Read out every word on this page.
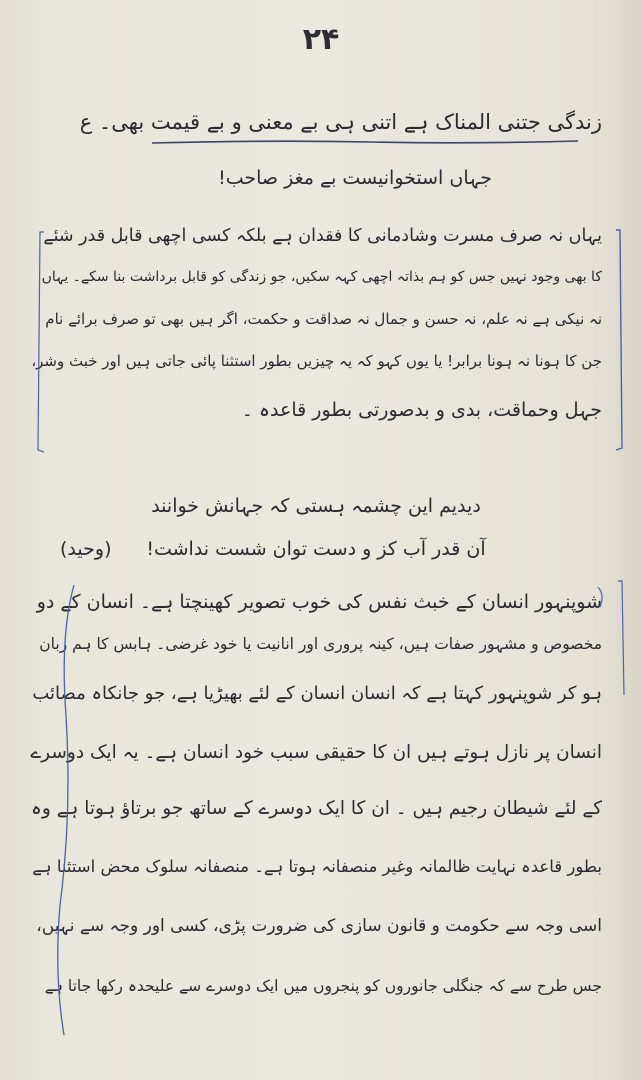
۲۴
زندگی جتنی المناک ہے اتنی ہی بے معنی و بے قیمت بھی۔ ع
جہاں استخوانیست بے مغز صاحب!
یہاں نہ صرف مسرت وشادمانی کا فقدان ہے بلکہ کسی اچھی قابل قدر شئے
کا بھی وجود نہیں جس کو ہم بذاتہ اچھی کہہ سکیں، جو زندگی کو قابل برداشت بنا سکے۔ یہاں
نہ نیکی ہے نہ علم، نہ حسن و جمال نہ صداقت و حکمت، اگر ہیں بھی تو صرف برائے نام
جن کا ہونا نہ ہونا برابر! یا یوں کہو کہ یہ چیزیں بطور استثنا پائی جاتی ہیں اور خبث وشر،
جہل وحماقت، بدی و بدصورتی بطور قاعدہ ۔
دیدیم این چشمہ ہستی کہ جہانش خوانند
آن قدر آب کز و دست توان شست نداشت!
(وحید)
شوپنہور انسان کے خبث نفس کی خوب تصویر کھینچتا ہے۔ انسان کے دو
مخصوص و مشہور صفات ہیں، کینہ پروری اور انانیت یا خود غرضی۔ ہابس کا ہم زبان
ہو کر شوپنہور کہتا ہے کہ انسان انسان کے لئے بھیڑیا ہے، جو جانکاہ مصائب
انسان پر نازل ہوتے ہیں ان کا حقیقی سبب خود انسان ہے۔ یہ ایک دوسرے
کے لئے شیطان رجیم ہیں ۔ ان کا ایک دوسرے کے ساتھ جو برتاؤ ہوتا ہے وہ
بطور قاعدہ نہایت ظالمانہ وغیر منصفانہ ہوتا ہے۔ منصفانہ سلوک محض استثنا ہے
اسی وجہ سے حکومت و قانون سازی کی ضرورت پڑی، کسی اور وجہ سے نہیں،
جس طرح سے کہ جنگلی جانوروں کو پنجروں میں ایک دوسرے سے علیحدہ رکھا جاتا ہے
